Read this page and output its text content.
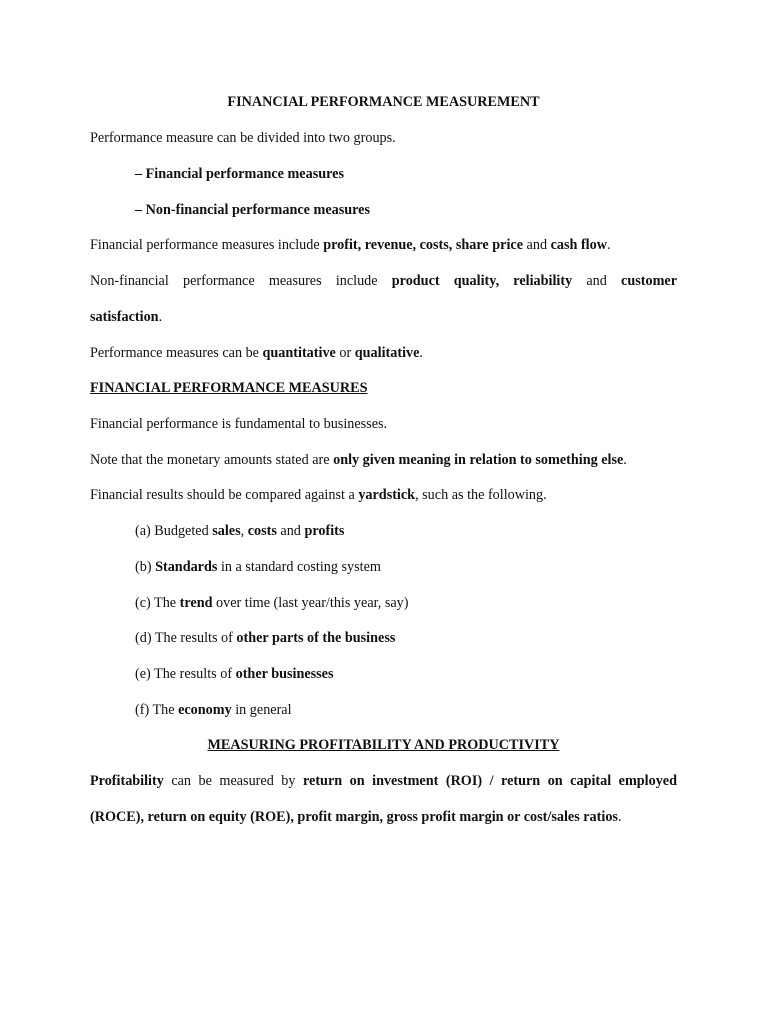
FINANCIAL PERFORMANCE MEASUREMENT
Performance measure can be divided into two groups.
– Financial performance measures
– Non-financial performance measures
Financial performance measures include profit, revenue, costs, share price and cash flow.
Non-financial performance measures include product quality, reliability and customer
satisfaction.
Performance measures can be quantitative or qualitative.
FINANCIAL PERFORMANCE MEASURES
Financial performance is fundamental to businesses.
Note that the monetary amounts stated are only given meaning in relation to something else.
Financial results should be compared against a yardstick, such as the following.
(a) Budgeted sales, costs and profits
(b) Standards in a standard costing system
(c) The trend over time (last year/this year, say)
(d) The results of other parts of the business
(e) The results of other businesses
(f) The economy in general
MEASURING PROFITABILITY AND PRODUCTIVITY
Profitability can be measured by return on investment (ROI) / return on capital employed
(ROCE), return on equity (ROE), profit margin, gross profit margin or cost/sales ratios.
